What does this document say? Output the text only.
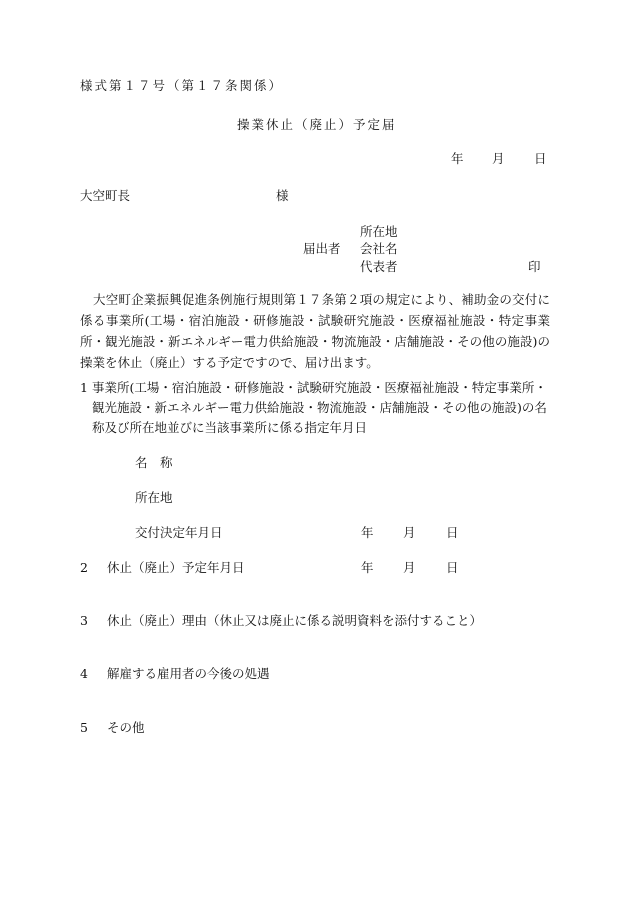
様式第１７号（第１７条関係）
操業休止（廃止）予定届
年 月 日
大空町長	様
所在地
届出者 会社名
代表者	印
大空町企業振興促進条例施行規則第１７条第２項の規定により、補助金の交付に係る事業所(工場・宿泊施設・研修施設・試験研究施設・医療福祉施設・特定事業所・観光施設・新エネルギー電力供給施設・物流施設・店舗施設・その他の施設)の操業を休止（廃止）する予定ですので、届け出ます。
1 事業所(工場・宿泊施設・研修施設・試験研究施設・医療福祉施設・特定事業所・観光施設・新エネルギー電力供給施設・物流施設・店舗施設・その他の施設)の名称及び所在地並びに当該事業所に係る指定年月日
名　称
所在地
交付決定年月日	年 月 日
2 休止（廃止）予定年月日	年 月 日
3 休止（廃止）理由（休止又は廃止に係る説明資料を添付すること）
4 解雇する雇用者の今後の処遇
5 その他
